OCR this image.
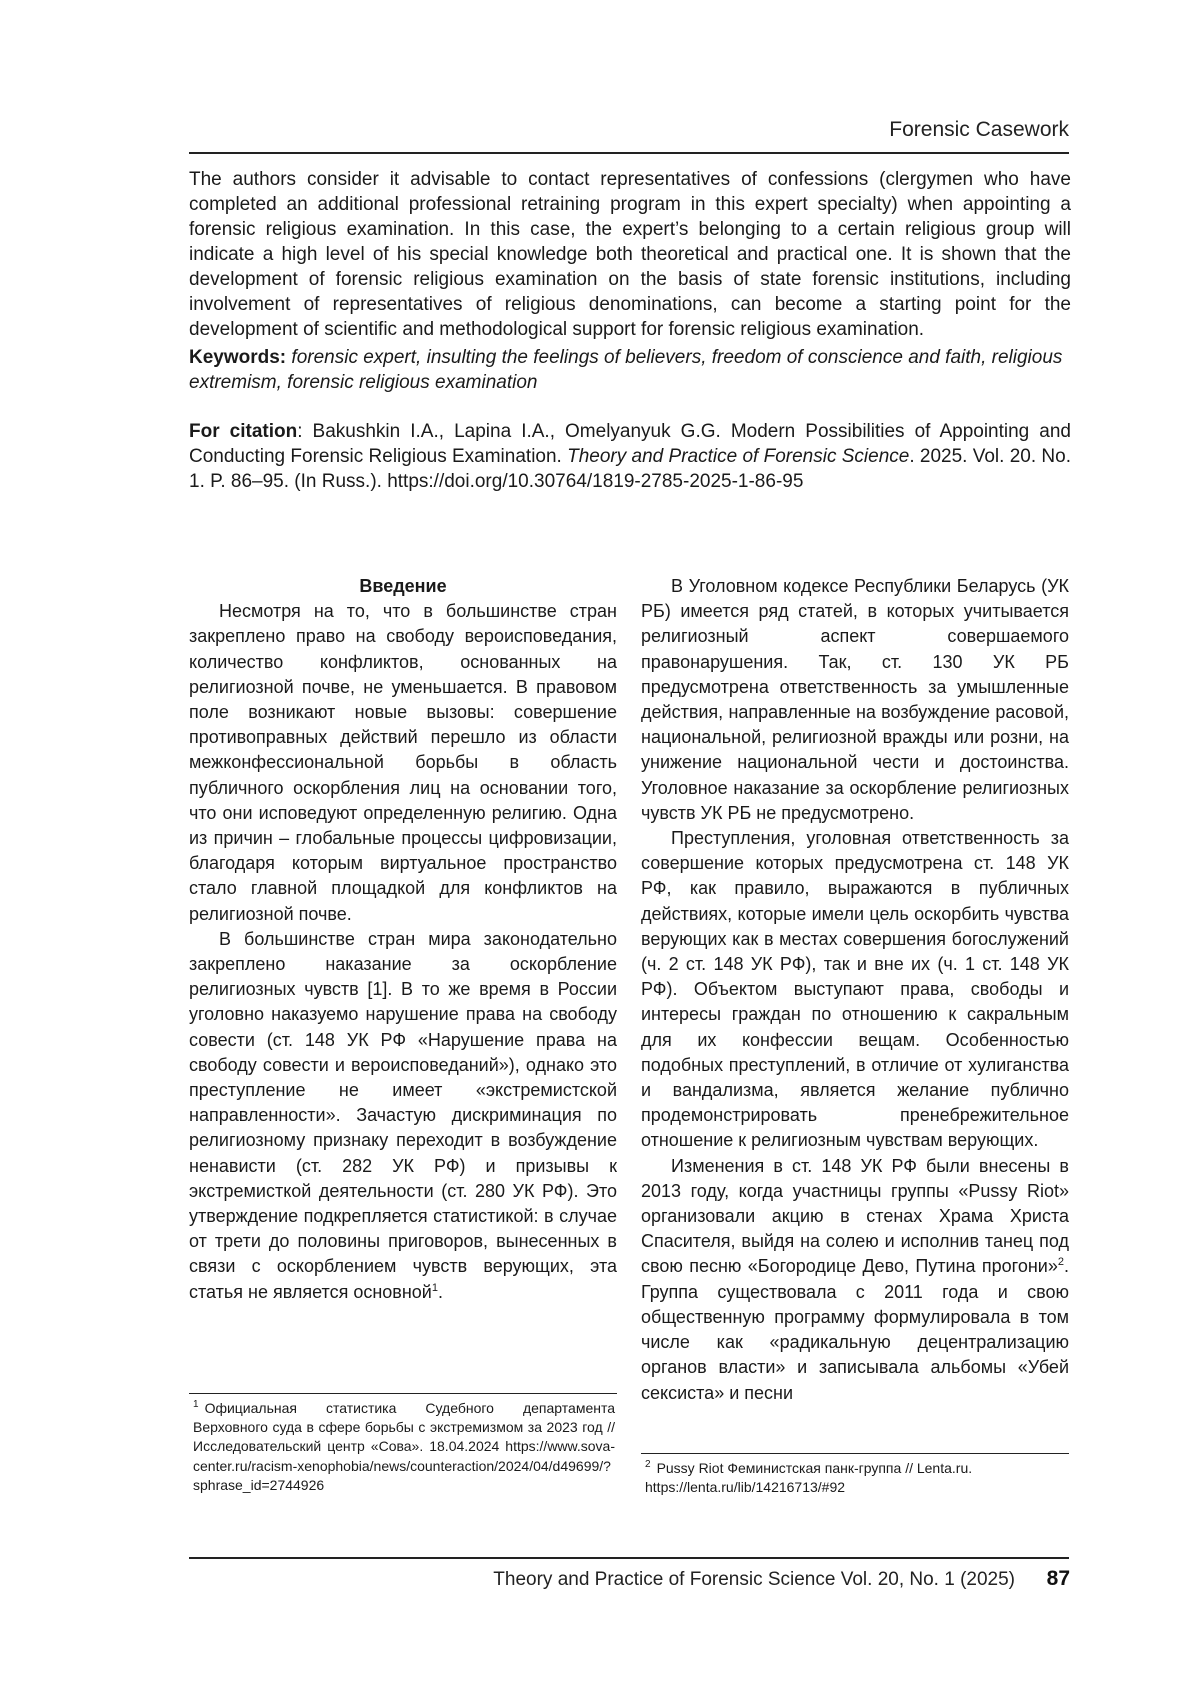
Forensic Casework

The authors consider it advisable to contact representatives of confessions (clergymen who have completed an additional professional retraining program in this expert specialty) when appointing a forensic religious examination. In this case, the expert’s belonging to a certain religious group will indicate a high level of his special knowledge both theoretical and practical one. It is shown that the development of forensic religious examination on the basis of state forensic institutions, including involvement of representatives of religious denominations, can become a starting point for the development of scientific and methodological support for forensic religious examination.

Keywords: forensic expert, insulting the feelings of believers, freedom of conscience and faith, religious extremism, forensic religious examination

For citation: Bakushkin I.A., Lapina I.A., Omelyanyuk G.G. Modern Possibilities of Appointing and Conducting Forensic Religious Examination. Theory and Practice of Forensic Science. 2025. Vol. 20. No. 1. P. 86–95. (In Russ.). https://doi.org/10.30764/1819-2785-2025-1-86-95

Введение

Несмотря на то, что в большинстве стран закреплено право на свободу вероисповедания, количество конфликтов, основанных на религиозной почве, не уменьшается. В правовом поле возникают новые вызовы: совершение противоправных действий перешло из области межконфессиональной борьбы в область публичного оскорбления лиц на основании того, что они исповедуют определенную религию. Одна из причин – глобальные процессы цифровизации, благодаря которым виртуальное пространство стало главной площадкой для конфликтов на религиозной почве.

В большинстве стран мира законодательно закреплено наказание за оскорбление религиозных чувств [1]. В то же время в России уголовно наказуемо нарушение права на свободу совести (ст. 148 УК РФ «Нарушение права на свободу совести и вероисповеданий»), однако это преступление не имеет «экстремистской направленности». Зачастую дискриминация по религиозному признаку переходит в возбуждение ненависти (ст. 282 УК РФ) и призывы к экстремисткой деятельности (ст. 280 УК РФ). Это утверждение подкрепляется статистикой: в случае от трети до половины приговоров, вынесенных в связи с оскорблением чувств верующих, эта статья не является основной$^1$.

В Уголовном кодексе Республики Беларусь (УК РБ) имеется ряд статей, в которых учитывается религиозный аспект совершаемого правонарушения. Так, ст. 130 УК РБ предусмотрена ответственность за умышленные действия, направленные на возбуждение расовой, национальной, религиозной вражды или розни, на унижение национальной чести и достоинства. Уголовное наказание за оскорбление религиозных чувств УК РБ не предусмотрено.

Преступления, уголовная ответственность за совершение которых предусмотрена ст. 148 УК РФ, как правило, выражаются в публичных действиях, которые имели цель оскорбить чувства верующих как в местах совершения богослужений (ч. 2 ст. 148 УК РФ), так и вне их (ч. 1 ст. 148 УК РФ). Объектом выступают права, свободы и интересы граждан по отношению к сакральным для их конфессии вещам. Особенностью подобных преступлений, в отличие от хулиганства и вандализма, является желание публично продемонстрировать пренебрежительное отношение к религиозным чувствам верующих.

Изменения в ст. 148 УК РФ были внесены в 2013 году, когда участницы группы «Pussy Riot» организовали акцию в стенах Храма Христа Спасителя, выйдя на солею и исполнив танец под свою песню «Богородице Дево, Путина прогони»$^2$. Группа существовала с 2011 года и свою общественную программу формулировала в том числе как «радикальную децентрализацию органов власти» и записывала альбомы «Убей сексиста» и песни

$^1$ Официальная статистика Судебного департамента Верховного суда в сфере борьбы с экстремизмом за 2023 год // Исследовательский центр «Сова». 18.04.2024 https://www.sova-center.ru/racism-xenophobia/news/counteraction/2024/04/d49699/?sphrase_id=2744926

$^2$ Pussy Riot Феминистская панк-группа // Lenta.ru. https://lenta.ru/lib/14216713/#92

Theory and Practice of Forensic Science Vol. 20, No. 1 (2025)	87
